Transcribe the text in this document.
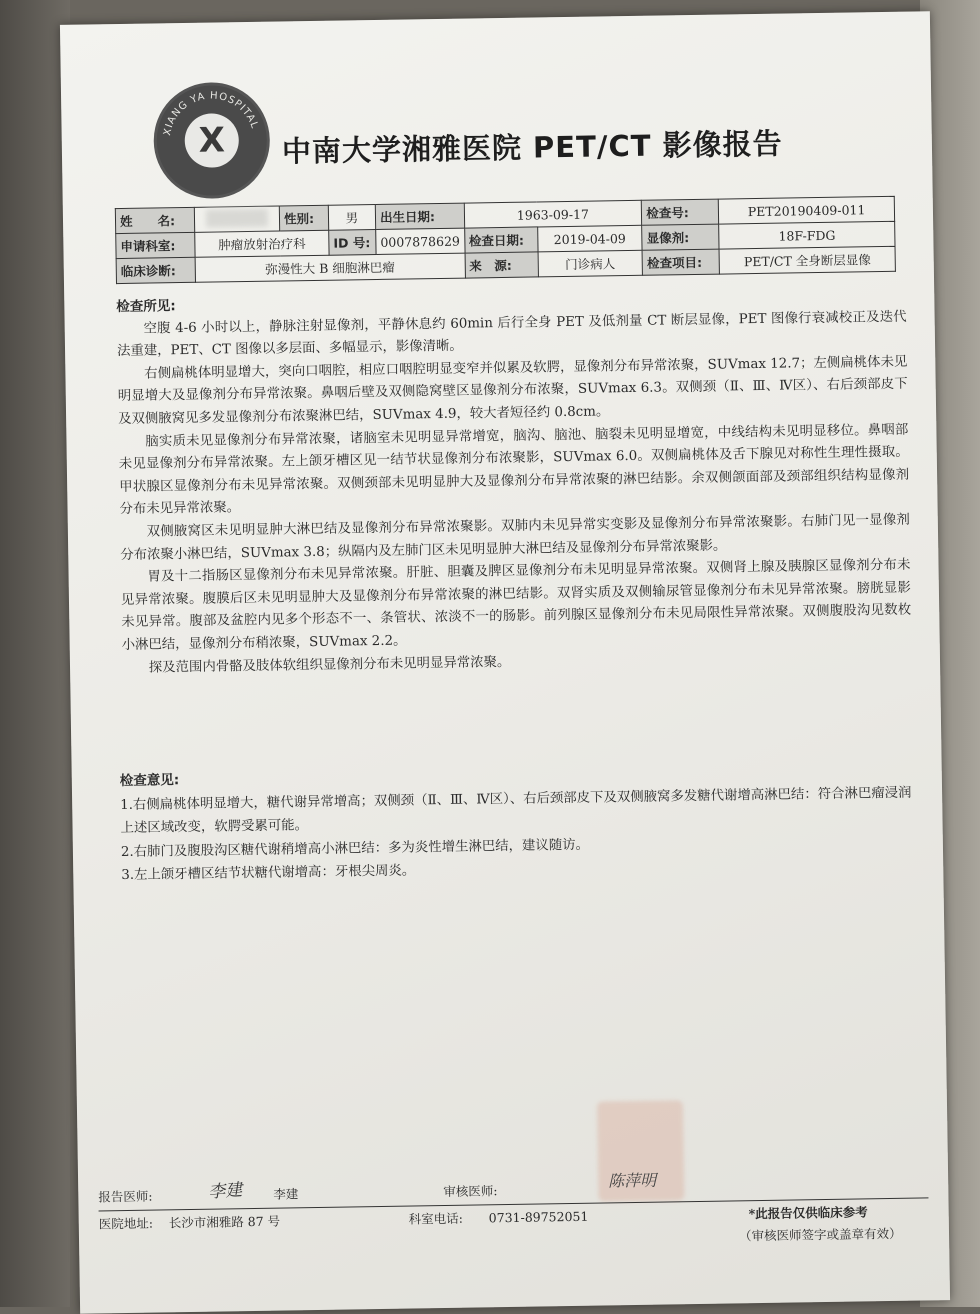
XIANG YA HOSPITAL
X	中南大学湘雅医院 PET/CT 影像报告
姓　　名:		性别:	男	出生日期:	1963-09-17		检查号:	PET20190409-011
申请科室:	肿瘤放射治疗科		ID 号:	0007878629	检查日期:	2019-04-09	显像剂:	18F-FDG
临床诊断:	弥漫性大 B 细胞淋巴瘤				来　源:	门诊病人	检查项目:	PET/CT 全身断层显像
检查所见:

空腹 4-6 小时以上，静脉注射显像剂，平静休息约 60min 后行全身 PET 及低剂量 CT 断层显像，PET 图像行衰减校正及迭代法重建，PET、CT 图像以多层面、多幅显示，影像清晰。

右侧扁桃体明显增大，突向口咽腔，相应口咽腔明显变窄并似累及软腭，显像剂分布异常浓聚，SUVmax 12.7；左侧扁桃体未见明显增大及显像剂分布异常浓聚。鼻咽后壁及双侧隐窝壁区显像剂分布浓聚，SUVmax 6.3。双侧颈（Ⅱ、Ⅲ、Ⅳ区）、右后颈部皮下及双侧腋窝见多发显像剂分布浓聚淋巴结，SUVmax 4.9，较大者短径约 0.8cm。

脑实质未见显像剂分布异常浓聚，诸脑室未见明显异常增宽，脑沟、脑池、脑裂未见明显增宽，中线结构未见明显移位。鼻咽部未见显像剂分布异常浓聚。左上颌牙槽区见一结节状显像剂分布浓聚影，SUVmax 6.0。双侧扁桃体及舌下腺见对称性生理性摄取。甲状腺区显像剂分布未见异常浓聚。双侧颈部未见明显肿大及显像剂分布异常浓聚的淋巴结影。余双侧颌面部及颈部组织结构显像剂分布未见异常浓聚。

双侧腋窝区未见明显肿大淋巴结及显像剂分布异常浓聚影。双肺内未见异常实变影及显像剂分布异常浓聚影。右肺门见一显像剂分布浓聚小淋巴结，SUVmax 3.8；纵隔内及左肺门区未见明显肿大淋巴结及显像剂分布异常浓聚影。

胃及十二指肠区显像剂分布未见异常浓聚。肝脏、胆囊及脾区显像剂分布未见明显异常浓聚。双侧肾上腺及胰腺区显像剂分布未见异常浓聚。腹膜后区未见明显肿大及显像剂分布异常浓聚的淋巴结影。双肾实质及双侧输尿管显像剂分布未见异常浓聚。膀胱显影未见异常。腹部及盆腔内见多个形态不一、条管状、浓淡不一的肠影。前列腺区显像剂分布未见局限性异常浓聚。双侧腹股沟见数枚小淋巴结，显像剂分布稍浓聚，SUVmax 2.2。

探及范围内骨骼及肢体软组织显像剂分布未见明显异常浓聚。

检查意见:

1.右侧扁桃体明显增大，糖代谢异常增高；双侧颈（Ⅱ、Ⅲ、Ⅳ区）、右后颈部皮下及双侧腋窝多发糖代谢增高淋巴结：符合淋巴瘤浸润上述区域改变，软腭受累可能。

2.右肺门及腹股沟区糖代谢稍增高小淋巴结：多为炎性增生淋巴结，建议随访。

3.左上颌牙槽区结节状糖代谢增高：牙根尖周炎。

报告医师:	李建 李建	审核医师:
陈萍明
医院地址: 长沙市湘雅路 87 号	科室电话: 0731-89752051	*此报告仅供临床参考
（审核医师签字或盖章有效）
